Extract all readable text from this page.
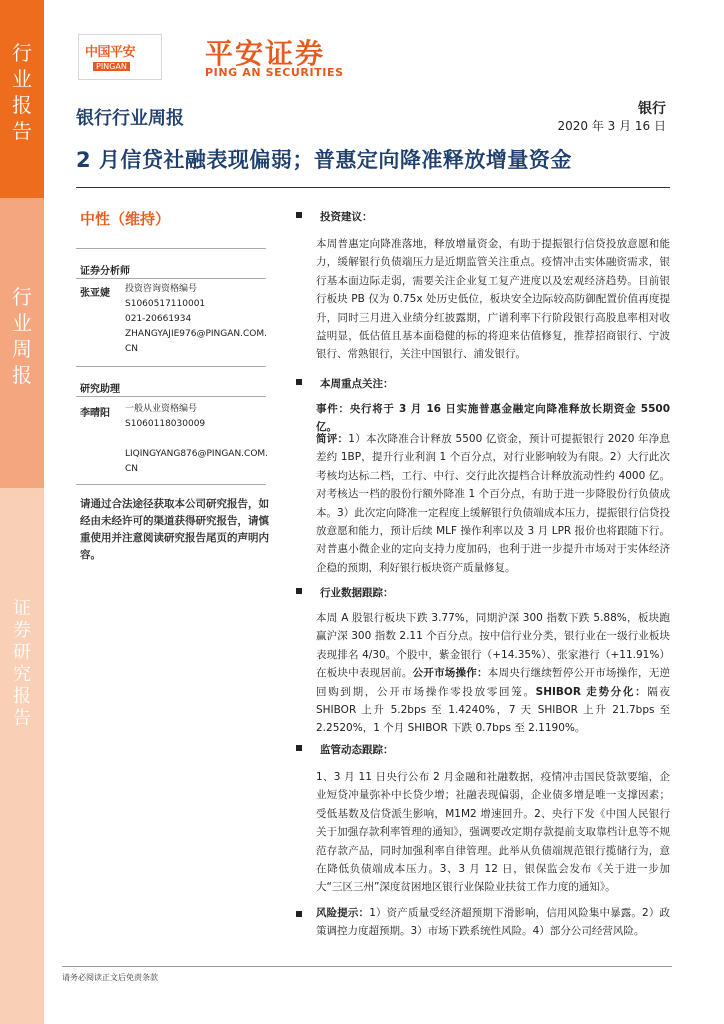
行
业
报
告
行
业
周
报
证
券
研
究
报
告
中国平安
PINGAN	平安证券
PING AN SECURITIES
银行
2020 年 3 月 16 日
银行行业周报
2 月信贷社融表现偏弱；普惠定向降准释放增量资金
中性（维持）
证券分析师
张亚婕 投资咨询资格编号
S1060517110001
021-20661934
ZHANGYAJIE976@PINGAN.COM.CN
研究助理
李晴阳 一般从业资格编号
S1060118030009
LIQINGYANG876@PINGAN.COM.CN
请通过合法途径获取本公司研究报告，如经由未经许可的渠道获得研究报告，请慎重使用并注意阅读研究报告尾页的声明内容。
投资建议：
本周普惠定向降准落地，释放增量资金，有助于提振银行信贷投放意愿和能力，缓解银行负债端压力是近期监管关注重点。疫情冲击实体融资需求，银行基本面边际走弱，需要关注企业复工复产进度以及宏观经济趋势。目前银行板块 PB 仅为 0.75x 处历史低位，板块安全边际较高防御配置价值再度提升，同时三月进入业绩分红披露期，广谱利率下行阶段银行高股息率相对收益明显，低估值且基本面稳健的标的将迎来估值修复，推荐招商银行、宁波银行、常熟银行，关注中国银行、浦发银行。
本周重点关注：
事件：央行将于 3 月 16 日实施普惠金融定向降准释放长期资金 5500 亿。
简评：1）本次降准合计释放 5500 亿资金，预计可提振银行 2020 年净息差约 1BP，提升行业利润 1 个百分点，对行业影响较为有限。2）大行此次考核均达标二档，工行、中行、交行此次提档合计释放流动性约 4000 亿。对考核达一档的股份行额外降准 1 个百分点，有助于进一步降股份行负债成本。3）此次定向降准一定程度上缓解银行负债端成本压力，提振银行信贷投放意愿和能力，预计后续 MLF 操作利率以及 3 月 LPR 报价也将跟随下行。对普惠小微企业的定向支持力度加码，也利于进一步提升市场对于实体经济企稳的预期，利好银行板块资产质量修复。
行业数据跟踪：
本周 A 股银行板块下跌 3.77%，同期沪深 300 指数下跌 5.88%，板块跑赢沪深 300 指数 2.11 个百分点。按中信行业分类，银行业在一级行业板块表现排名 4/30。个股中，紫金银行（+14.35%）、张家港行（+11.91%）在板块中表现居前。公开市场操作：本周央行继续暂停公开市场操作，无逆回购到期，公开市场操作零投放零回笼。SHIBOR 走势分化：隔夜 SHIBOR 上升 5.2bps 至 1.4240%，7 天 SHIBOR 上升 21.7bps 至 2.2520%，1 个月 SHIBOR 下跌 0.7bps 至 2.1190%。
监管动态跟踪：
1、3 月 11 日央行公布 2 月金融和社融数据，疫情冲击国民贷款要缩，企业短贷冲量弥补中长贷少增；社融表现偏弱，企业债多增是唯一支撑因素；受低基数及信贷派生影响，M1M2 增速回升。2、央行下发《中国人民银行关于加强存款利率管理的通知》，强调要改定期存款提前支取靠档计息等不规范存款产品，同时加强利率自律管理。此举从负债端规范银行揽储行为，意在降低负债端成本压力。3、3 月 12 日，银保监会发布《关于进一步加大“三区三州”深度贫困地区银行业保险业扶贫工作力度的通知》。
风险提示：1）资产质量受经济超预期下滑影响，信用风险集中暴露。2）政策调控力度超预期。3）市场下跌系统性风险。4）部分公司经营风险。
请务必阅读正文后免责条款
